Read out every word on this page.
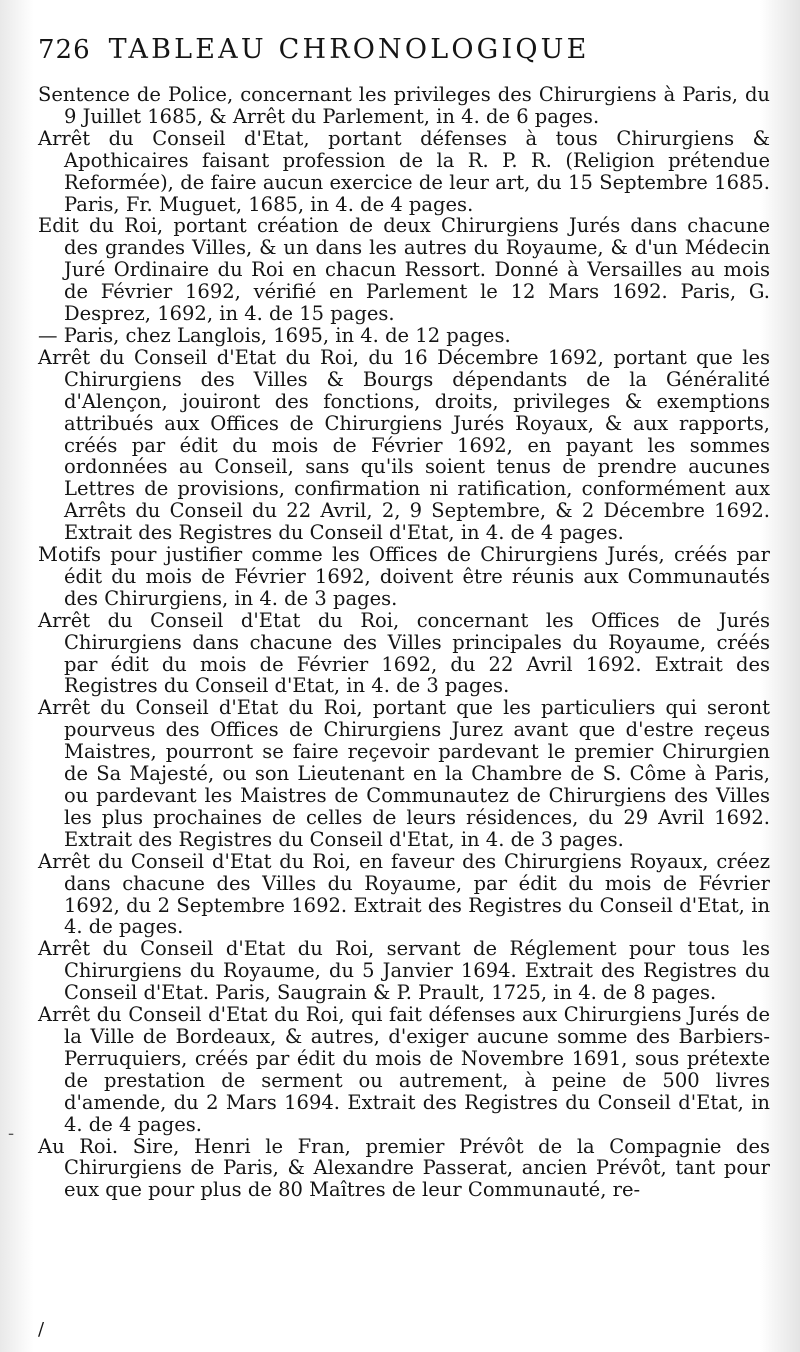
726 TABLEAU CHRONOLOGIQUE

Sentence de Police, concernant les privileges des Chirurgiens à Paris, du 9 Juillet 1685, & Arrêt du Parlement, in 4. de 6 pages.

Arrêt du Conseil d'Etat, portant défenses à tous Chirurgiens & Apothicaires faisant profession de la R. P. R. (Religion prétendue Reformée), de faire aucun exercice de leur art, du 15 Septembre 1685. Paris, Fr. Muguet, 1685, in 4. de 4 pages.

Edit du Roi, portant création de deux Chirurgiens Jurés dans chacune des grandes Villes, & un dans les autres du Royaume, & d'un Médecin Juré Ordinaire du Roi en chacun Ressort. Donné à Versailles au mois de Février 1692, vérifié en Parlement le 12 Mars 1692. Paris, G. Desprez, 1692, in 4. de 15 pages.

— Paris, chez Langlois, 1695, in 4. de 12 pages.

Arrêt du Conseil d'Etat du Roi, du 16 Décembre 1692, portant que les Chirurgiens des Villes & Bourgs dépendants de la Généralité d'Alençon, jouiront des fonctions, droits, privileges & exemptions attribués aux Offices de Chirurgiens Jurés Royaux, & aux rapports, créés par édit du mois de Février 1692, en payant les sommes ordonnées au Conseil, sans qu'ils soient tenus de prendre aucunes Lettres de provisions, confirmation ni ratification, conformément aux Arrêts du Conseil du 22 Avril, 2, 9 Septembre, & 2 Décembre 1692. Extrait des Registres du Conseil d'Etat, in 4. de 4 pages.

Motifs pour justifier comme les Offices de Chirurgiens Jurés, créés par édit du mois de Février 1692, doivent être réunis aux Communautés des Chirurgiens, in 4. de 3 pages.

Arrêt du Conseil d'Etat du Roi, concernant les Offices de Jurés Chirurgiens dans chacune des Villes principales du Royaume, créés par édit du mois de Février 1692, du 22 Avril 1692. Extrait des Registres du Conseil d'Etat, in 4. de 3 pages.

Arrêt du Conseil d'Etat du Roi, portant que les particuliers qui seront pourveus des Offices de Chirurgiens Jurez avant que d'estre reçeus Maistres, pourront se faire reçevoir pardevant le premier Chirurgien de Sa Majesté, ou son Lieutenant en la Chambre de S. Côme à Paris, ou pardevant les Maistres de Communautez de Chirurgiens des Villes les plus prochaines de celles de leurs résidences, du 29 Avril 1692. Extrait des Registres du Conseil d'Etat, in 4. de 3 pages.

Arrêt du Conseil d'Etat du Roi, en faveur des Chirurgiens Royaux, créez dans chacune des Villes du Royaume, par édit du mois de Février 1692, du 2 Septembre 1692. Extrait des Registres du Conseil d'Etat, in 4. de pages.

Arrêt du Conseil d'Etat du Roi, servant de Réglement pour tous les Chirurgiens du Royaume, du 5 Janvier 1694. Extrait des Registres du Conseil d'Etat. Paris, Saugrain & P. Prault, 1725, in 4. de 8 pages.

Arrêt du Conseil d'Etat du Roi, qui fait défenses aux Chirurgiens Jurés de la Ville de Bordeaux, & autres, d'exiger aucune somme des Barbiers-Perruquiers, créés par édit du mois de Novembre 1691, sous prétexte de prestation de serment ou autrement, à peine de 500 livres d'amende, du 2 Mars 1694. Extrait des Registres du Conseil d'Etat, in 4. de 4 pages.

Au Roi. Sire, Henri le Fran, premier Prévôt de la Compagnie des Chirurgiens de Paris, & Alexandre Passerat, ancien Prévôt, tant pour eux que pour plus de 80 Maîtres de leur Communauté, re-

-
/
